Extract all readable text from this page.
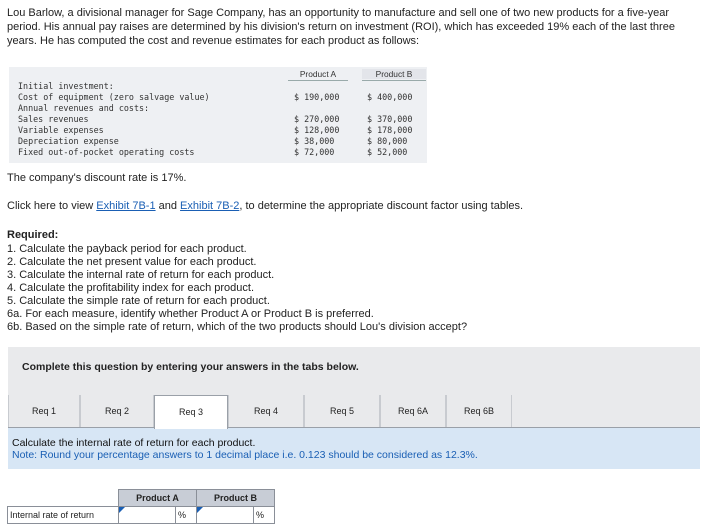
Lou Barlow, a divisional manager for Sage Company, has an opportunity to manufacture and sell one of two new products for a five-year period. His annual pay raises are determined by his division's return on investment (ROI), which has exceeded 19% each of the last three years. He has computed the cost and revenue estimates for each product as follows:
Product A	Product B
Initial investment:
Cost of equipment (zero salvage value)	$ 190,000	$ 400,000
Annual revenues and costs:
Sales revenues	$ 270,000	$ 370,000
Variable expenses	$ 128,000	$ 178,000
Depreciation expense	$ 38,000	$ 80,000
Fixed out-of-pocket operating costs	$ 72,000	$ 52,000
The company's discount rate is 17%.
Click here to view Exhibit 7B-1 and Exhibit 7B-2, to determine the appropriate discount factor using tables.
Required:
1. Calculate the payback period for each product.
2. Calculate the net present value for each product.
3. Calculate the internal rate of return for each product.
4. Calculate the profitability index for each product.
5. Calculate the simple rate of return for each product.
6a. For each measure, identify whether Product A or Product B is preferred.
6b. Based on the simple rate of return, which of the two products should Lou's division accept?
Complete this question by entering your answers in the tabs below.
Req 1	Req 2	Req 3	Req 4	Req 5	Req 6A	Req 6B
Calculate the internal rate of return for each product.
Note: Round your percentage answers to 1 decimal place i.e. 0.123 should be considered as 12.3%.
	Product A		Product B	
Internal rate of return		%		%
